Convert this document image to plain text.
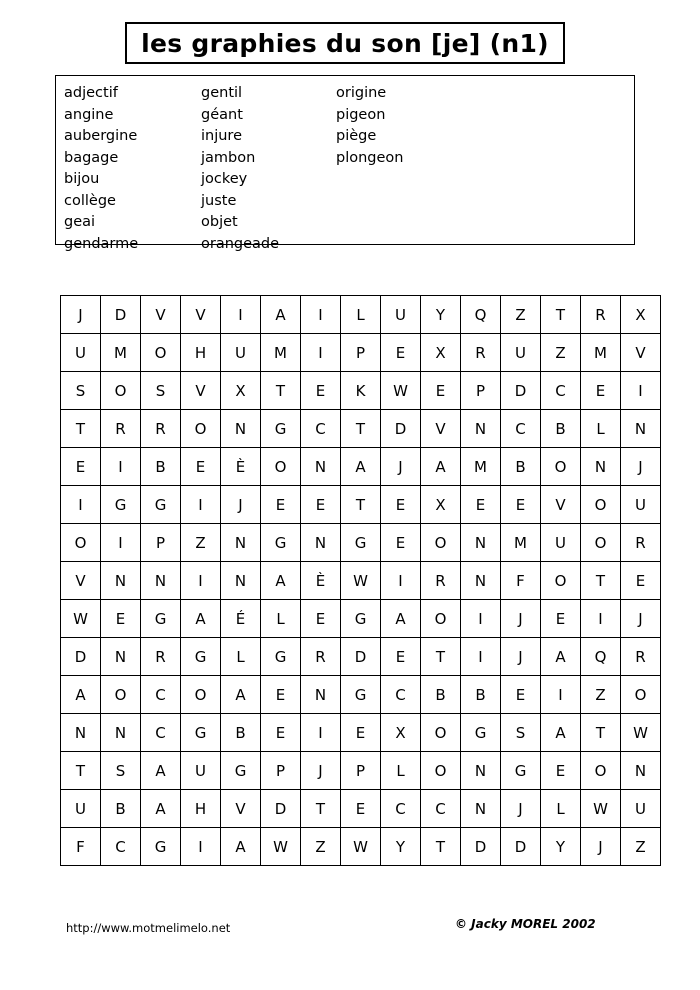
les graphies du son [je] (n1)
adjectif
angine
aubergine
bagage
bijou
collège
geai
gendarme
gentil
géant
injure
jambon
jockey
juste
objet
orangeade
origine
pigeon
piège
plongeon
J	D	V	V	I	A	I	L	U	Y	Q	Z	T	R	X
U	M	O	H	U	M	I	P	E	X	R	U	Z	M	V
S	O	S	V	X	T	E	K	W	E	P	D	C	E	I
T	R	R	O	N	G	C	T	D	V	N	C	B	L	N
E	I	B	E	È	O	N	A	J	A	M	B	O	N	J
I	G	G	I	J	E	E	T	E	X	E	E	V	O	U
O	I	P	Z	N	G	N	G	E	O	N	M	U	O	R
V	N	N	I	N	A	È	W	I	R	N	F	O	T	E
W	E	G	A	É	L	E	G	A	O	I	J	E	I	J
D	N	R	G	L	G	R	D	E	T	I	J	A	Q	R
A	O	C	O	A	E	N	G	C	B	B	E	I	Z	O
N	N	C	G	B	E	I	E	X	O	G	S	A	T	W
T	S	A	U	G	P	J	P	L	O	N	G	E	O	N
U	B	A	H	V	D	T	E	C	C	N	J	L	W	U
F	C	G	I	A	W	Z	W	Y	T	D	D	Y	J	Z
http://www.motmelimelo.net	© Jacky MOREL 2002
